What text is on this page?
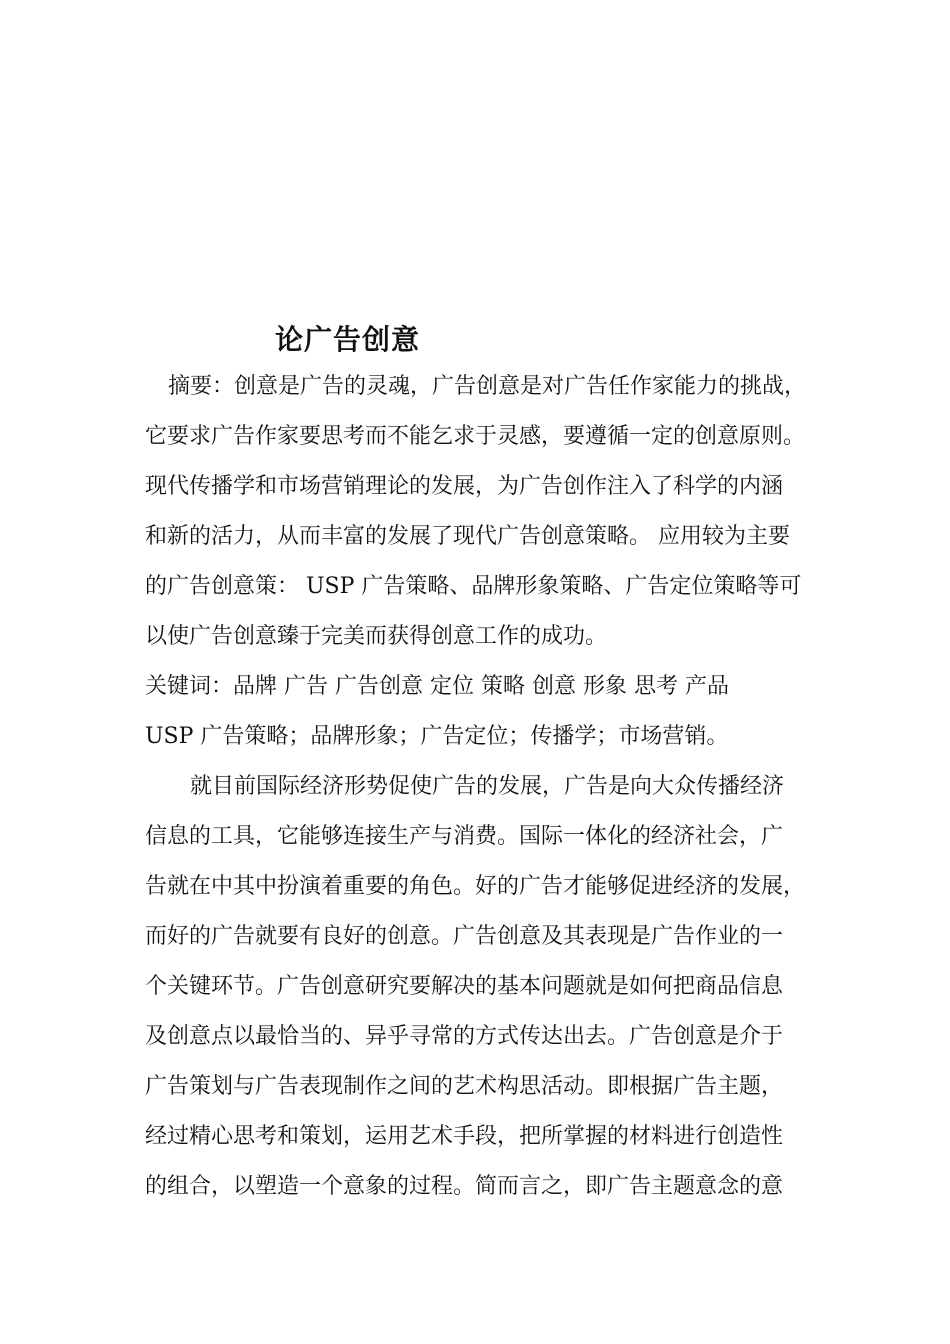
论广告创意
摘要：创意是广告的灵魂，广告创意是对广告任作家能力的挑战，
它要求广告作家要思考而不能乞求于灵感，要遵循一定的创意原则。
现代传播学和市场营销理论的发展，为广告创作注入了科学的内涵
和新的活力，从而丰富的发展了现代广告创意策略。 应用较为主要
的广告创意策： USP 广告策略、品牌形象策略、广告定位策略等可
以使广告创意臻于完美而获得创意工作的成功。
关键词：品牌 广告 广告创意 定位 策略 创意 形象 思考 产品
USP 广告策略；品牌形象；广告定位；传播学；市场营销。
就目前国际经济形势促使广告的发展，广告是向大众传播经济
信息的工具，它能够连接生产与消费。国际一体化的经济社会，广
告就在中其中扮演着重要的角色。好的广告才能够促进经济的发展，
而好的广告就要有良好的创意。广告创意及其表现是广告作业的一
个关键环节。广告创意研究要解决的基本问题就是如何把商品信息
及创意点以最恰当的、异乎寻常的方式传达出去。广告创意是介于
广告策划与广告表现制作之间的艺术构思活动。即根据广告主题，
经过精心思考和策划，运用艺术手段，把所掌握的材料进行创造性
的组合，以塑造一个意象的过程。简而言之，即广告主题意念的意
